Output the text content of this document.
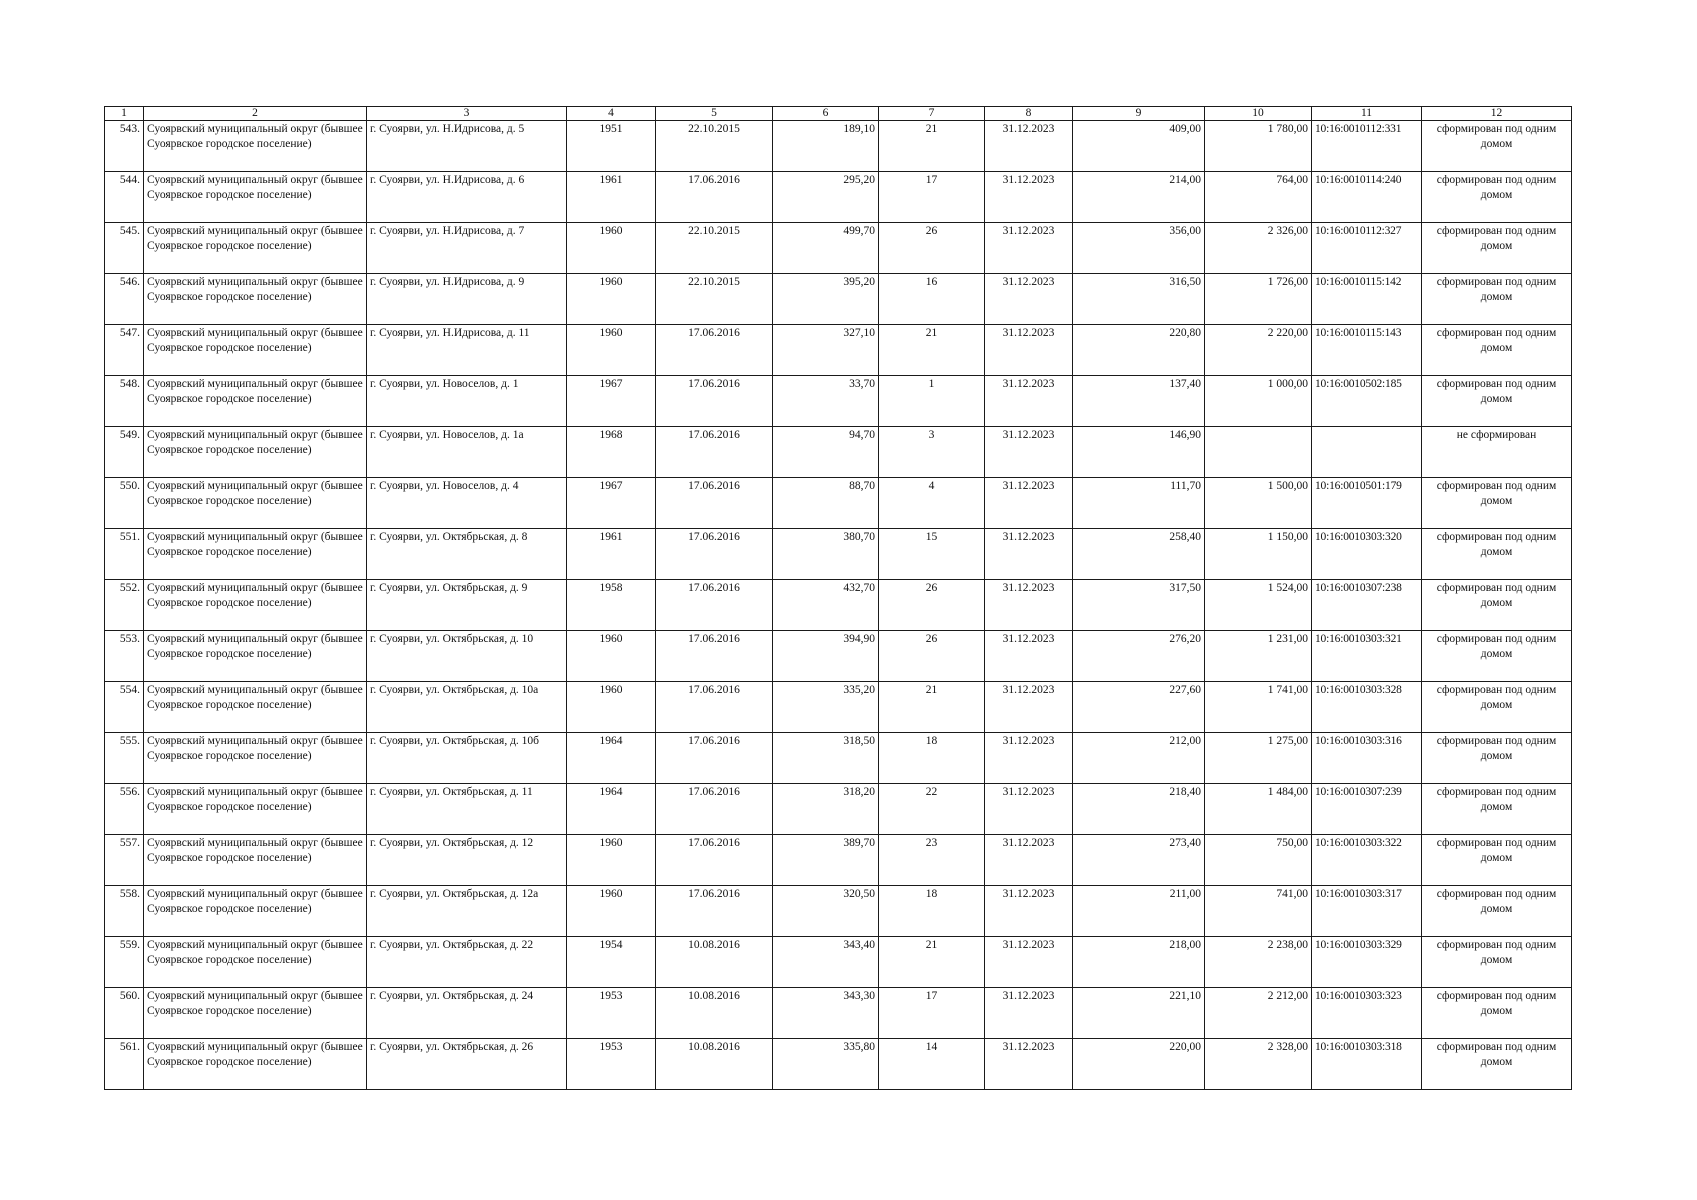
1	2	3	4	5	6	7	8	9	10	11	12
543.	Суоярвский муниципальный округ (бывшее Суоярвское городское поселение)	г. Суоярви, ул. Н.Идрисова, д. 5	1951	22.10.2015	189,10	21	31.12.2023	409,00	1 780,00	10:16:0010112:331	сформирован под одним домом
544.	Суоярвский муниципальный округ (бывшее Суоярвское городское поселение)	г. Суоярви, ул. Н.Идрисова, д. 6	1961	17.06.2016	295,20	17	31.12.2023	214,00	764,00	10:16:0010114:240	сформирован под одним домом
545.	Суоярвский муниципальный округ (бывшее Суоярвское городское поселение)	г. Суоярви, ул. Н.Идрисова, д. 7	1960	22.10.2015	499,70	26	31.12.2023	356,00	2 326,00	10:16:0010112:327	сформирован под одним домом
546.	Суоярвский муниципальный округ (бывшее Суоярвское городское поселение)	г. Суоярви, ул. Н.Идрисова, д. 9	1960	22.10.2015	395,20	16	31.12.2023	316,50	1 726,00	10:16:0010115:142	сформирован под одним домом
547.	Суоярвский муниципальный округ (бывшее Суоярвское городское поселение)	г. Суоярви, ул. Н.Идрисова, д. 11	1960	17.06.2016	327,10	21	31.12.2023	220,80	2 220,00	10:16:0010115:143	сформирован под одним домом
548.	Суоярвский муниципальный округ (бывшее Суоярвское городское поселение)	г. Суоярви, ул. Новоселов, д. 1	1967	17.06.2016	33,70	1	31.12.2023	137,40	1 000,00	10:16:0010502:185	сформирован под одним домом
549.	Суоярвский муниципальный округ (бывшее Суоярвское городское поселение)	г. Суоярви, ул. Новоселов, д. 1а	1968	17.06.2016	94,70	3	31.12.2023	146,90			не сформирован
550.	Суоярвский муниципальный округ (бывшее Суоярвское городское поселение)	г. Суоярви, ул. Новоселов, д. 4	1967	17.06.2016	88,70	4	31.12.2023	111,70	1 500,00	10:16:0010501:179	сформирован под одним домом
551.	Суоярвский муниципальный округ (бывшее Суоярвское городское поселение)	г. Суоярви, ул. Октябрьская, д. 8	1961	17.06.2016	380,70	15	31.12.2023	258,40	1 150,00	10:16:0010303:320	сформирован под одним домом
552.	Суоярвский муниципальный округ (бывшее Суоярвское городское поселение)	г. Суоярви, ул. Октябрьская, д. 9	1958	17.06.2016	432,70	26	31.12.2023	317,50	1 524,00	10:16:0010307:238	сформирован под одним домом
553.	Суоярвский муниципальный округ (бывшее Суоярвское городское поселение)	г. Суоярви, ул. Октябрьская, д. 10	1960	17.06.2016	394,90	26	31.12.2023	276,20	1 231,00	10:16:0010303:321	сформирован под одним домом
554.	Суоярвский муниципальный округ (бывшее Суоярвское городское поселение)	г. Суоярви, ул. Октябрьская, д. 10а	1960	17.06.2016	335,20	21	31.12.2023	227,60	1 741,00	10:16:0010303:328	сформирован под одним домом
555.	Суоярвский муниципальный округ (бывшее Суоярвское городское поселение)	г. Суоярви, ул. Октябрьская, д. 10б	1964	17.06.2016	318,50	18	31.12.2023	212,00	1 275,00	10:16:0010303:316	сформирован под одним домом
556.	Суоярвский муниципальный округ (бывшее Суоярвское городское поселение)	г. Суоярви, ул. Октябрьская, д. 11	1964	17.06.2016	318,20	22	31.12.2023	218,40	1 484,00	10:16:0010307:239	сформирован под одним домом
557.	Суоярвский муниципальный округ (бывшее Суоярвское городское поселение)	г. Суоярви, ул. Октябрьская, д. 12	1960	17.06.2016	389,70	23	31.12.2023	273,40	750,00	10:16:0010303:322	сформирован под одним домом
558.	Суоярвский муниципальный округ (бывшее Суоярвское городское поселение)	г. Суоярви, ул. Октябрьская, д. 12а	1960	17.06.2016	320,50	18	31.12.2023	211,00	741,00	10:16:0010303:317	сформирован под одним домом
559.	Суоярвский муниципальный округ (бывшее Суоярвское городское поселение)	г. Суоярви, ул. Октябрьская, д. 22	1954	10.08.2016	343,40	21	31.12.2023	218,00	2 238,00	10:16:0010303:329	сформирован под одним домом
560.	Суоярвский муниципальный округ (бывшее Суоярвское городское поселение)	г. Суоярви, ул. Октябрьская, д. 24	1953	10.08.2016	343,30	17	31.12.2023	221,10	2 212,00	10:16:0010303:323	сформирован под одним домом
561.	Суоярвский муниципальный округ (бывшее Суоярвское городское поселение)	г. Суоярви, ул. Октябрьская, д. 26	1953	10.08.2016	335,80	14	31.12.2023	220,00	2 328,00	10:16:0010303:318	сформирован под одним домом
